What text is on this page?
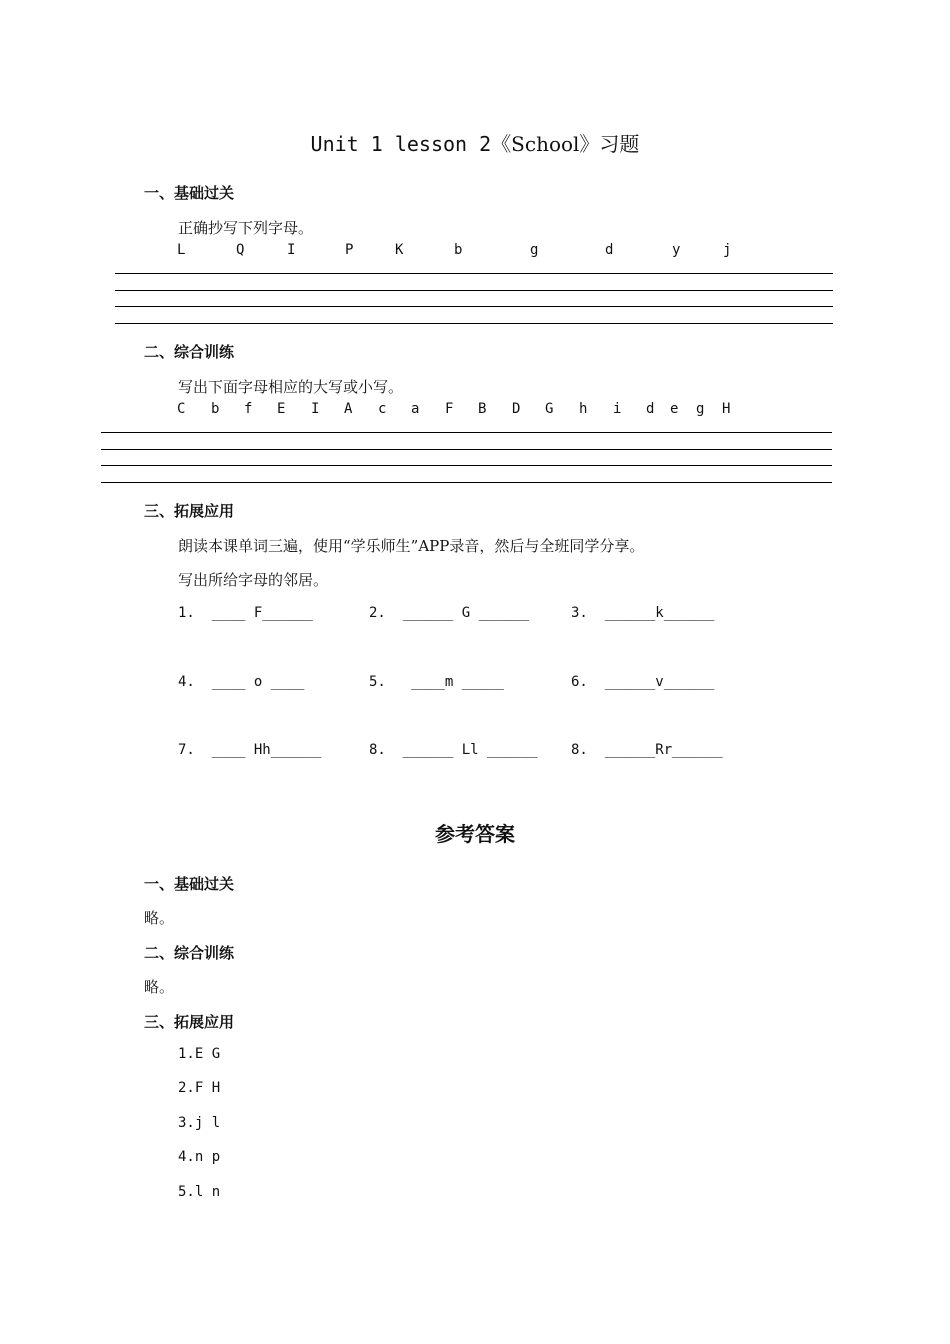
Unit 1 lesson 2《School》习题
一、基础过关
正确抄写下列字母。
L	Q	I	P	K	b	g	d	y	j
二、综合训练
写出下面字母相应的大写或小写。
C b f E I A c a F B D G h i d e g H
三、拓展应用
朗读本课单词三遍，使用“学乐师生”APP录音，然后与全班同学分享。
写出所给字母的邻居。
1.  ____ F______	2.  ______ G ______	3.  ______k______
4.  ____ o ____	5.   ____m _____	6.  ______v______
7.  ____ Hh______	8.  ______ Ll ______ 8.  ______Rr______
参考答案
一、基础过关
略。
二、综合训练
略。
三、拓展应用
1.E G
2.F H
3.j l
4.n p
5.l n
